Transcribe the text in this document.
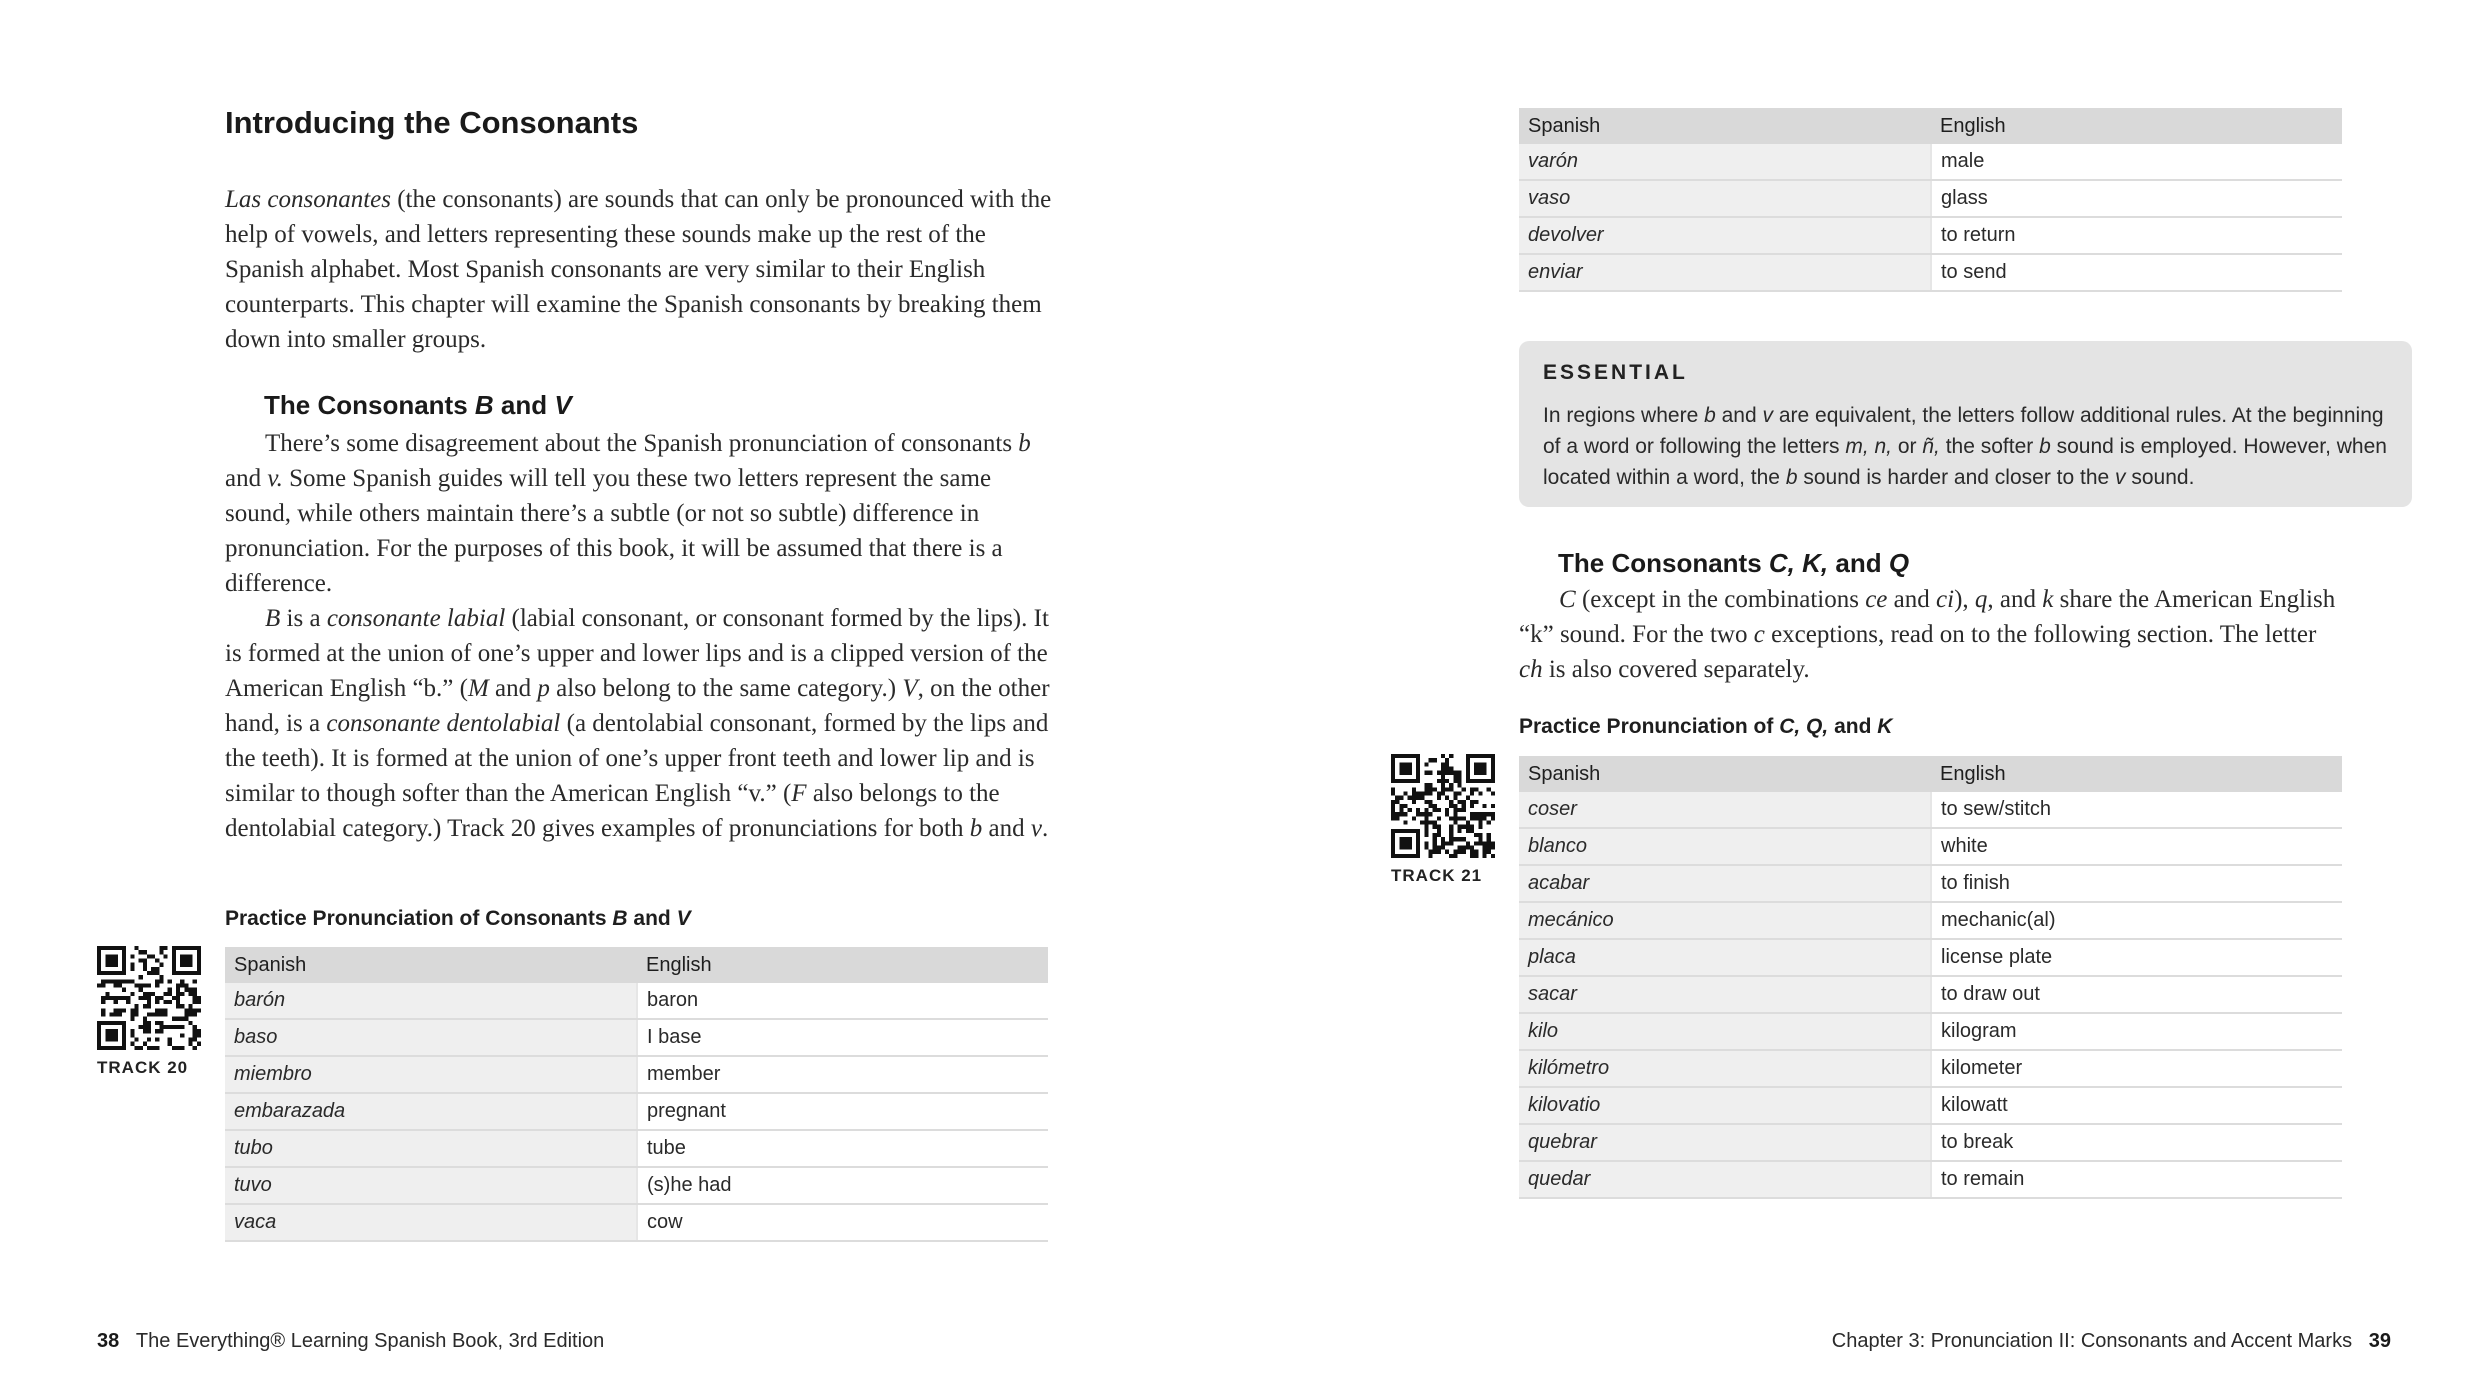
Introducing the Consonants

Las consonantes (the consonants) are sounds that can only be pronounced with the help of vowels, and letters representing these sounds make up the rest of the Spanish alphabet. Most Spanish consonants are very similar to their English counterparts. This chapter will examine the Spanish consonants by breaking them down into smaller groups.

The Consonants B and V

There’s some disagreement about the Spanish pronunciation of consonants b and v. Some Spanish guides will tell you these two letters represent the same sound, while others maintain there’s a subtle (or not so subtle) difference in pronunciation. For the purposes of this book, it will be assumed that there is a difference.
B is a consonante labial (labial consonant, or consonant formed by the lips). It is formed at the union of one’s upper and lower lips and is a clipped version of the American English “b.” (M and p also belong to the same category.) V, on the other hand, is a consonante dentolabial (a dentolabial consonant, formed by the lips and the teeth). It is formed at the union of one’s upper front teeth and lower lip and is similar to though softer than the American English “v.” (F also belongs to the dentolabial category.) Track 20 gives examples of pronunciations for both b and v.

Practice Pronunciation of Consonants B and V
TRACK 20
Spanish	English
barón	baron
baso	I base
miembro	member
embarazada	pregnant
tubo	tube
tuvo	(s)he had
vaca	cow
38 The Everything® Learning Spanish Book, 3rd Edition
Spanish	English
varón	male
vaso	glass
devolver	to return
enviar	to send
ESSENTIAL

In regions where b and v are equivalent, the letters follow additional rules. At the beginning of a word or following the letters m, n, or ñ, the softer b sound is employed. However, when located within a word, the b sound is harder and closer to the v sound.

The Consonants C, K, and Q

C (except in the combinations ce and ci), q, and k share the American English “k” sound. For the two c exceptions, read on to the following section. The letter ch is also covered separately.

Practice Pronunciation of C, Q, and K
TRACK 21
Spanish	English
coser	to sew/stitch
blanco	white
acabar	to finish
mecánico	mechanic(al)
placa	license plate
sacar	to draw out
kilo	kilogram
kilómetro	kilometer
kilovatio	kilowatt
quebrar	to break
quedar	to remain
Chapter 3: Pronunciation II: Consonants and Accent Marks 39
